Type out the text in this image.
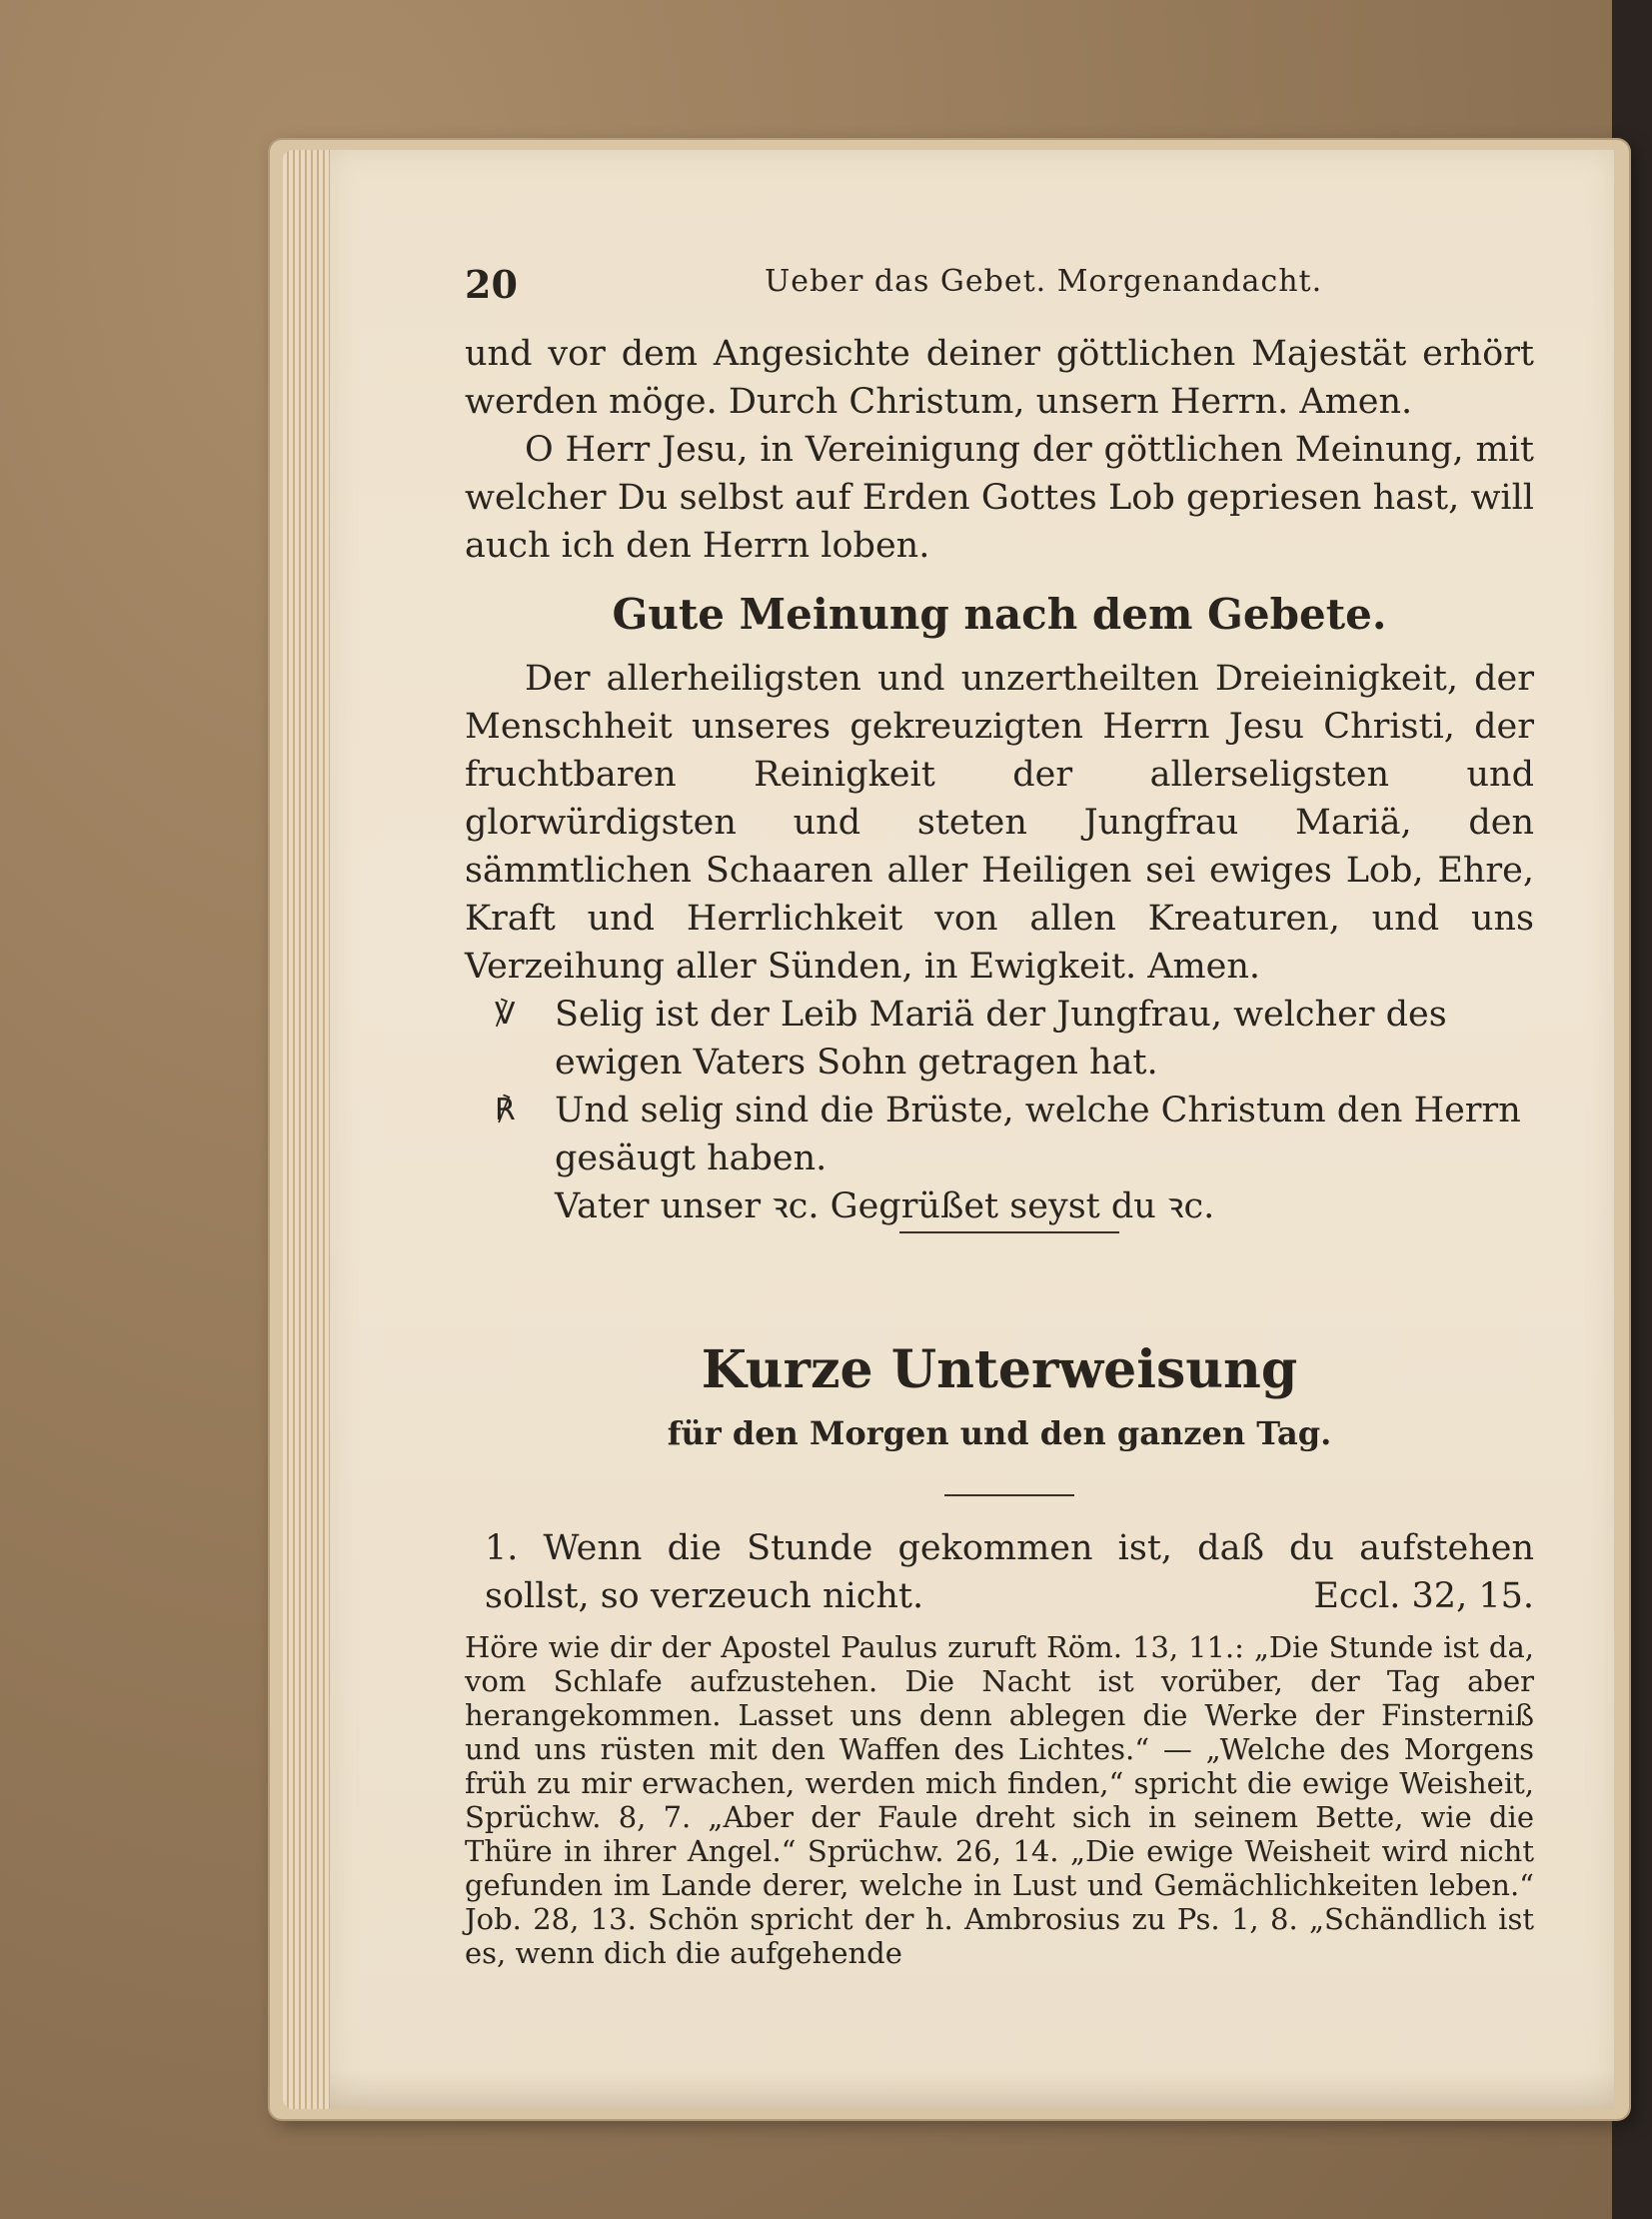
20	Ueber das Gebet. Morgenandacht.

und vor dem Angesichte deiner göttlichen Majestät erhört werden möge. Durch Christum, unsern Herrn. Amen.

O Herr Jesu, in Vereinigung der göttlichen Meinung, mit welcher Du selbst auf Erden Gottes Lob gepriesen hast, will auch ich den Herrn loben.

Gute Meinung nach dem Gebete.

Der allerheiligsten und unzertheilten Dreieinigkeit, der Menschheit unseres gekreuzigten Herrn Jesu Christi, der fruchtbaren Reinigkeit der allerseligsten und glorwürdigsten und steten Jungfrau Mariä, den sämmtlichen Schaaren aller Heiligen sei ewiges Lob, Ehre, Kraft und Herrlichkeit von allen Kreaturen, und uns Verzeihung aller Sünden, in Ewigkeit. Amen.

℣ Selig ist der Leib Mariä der Jungfrau, welcher des ewigen Vaters Sohn getragen hat.

℟ Und selig sind die Brüste, welche Christum den Herrn gesäugt haben.

Vater unser ꝛc. Gegrüßet seyst du ꝛc.

Kurze Unterweisung

für den Morgen und den ganzen Tag.

1. Wenn die Stunde gekommen ist, daß du aufstehen sollst, so verzeuch nicht.	Eccl. 32, 15.

Höre wie dir der Apostel Paulus zuruft Röm. 13, 11.: „Die Stunde ist da, vom Schlafe aufzustehen. Die Nacht ist vorüber, der Tag aber herangekommen. Lasset uns denn ablegen die Werke der Finsterniß und uns rüsten mit den Waffen des Lichtes.“ — „Welche des Morgens früh zu mir erwachen, werden mich finden,“ spricht die ewige Weisheit, Sprüchw. 8, 7. „Aber der Faule dreht sich in seinem Bette, wie die Thüre in ihrer Angel.“ Sprüchw. 26, 14. „Die ewige Weisheit wird nicht gefunden im Lande derer, welche in Lust und Gemächlichkeiten leben.“ Job. 28, 13. Schön spricht der h. Ambrosius zu Ps. 1, 8. „Schändlich ist es, wenn dich die aufgehende
